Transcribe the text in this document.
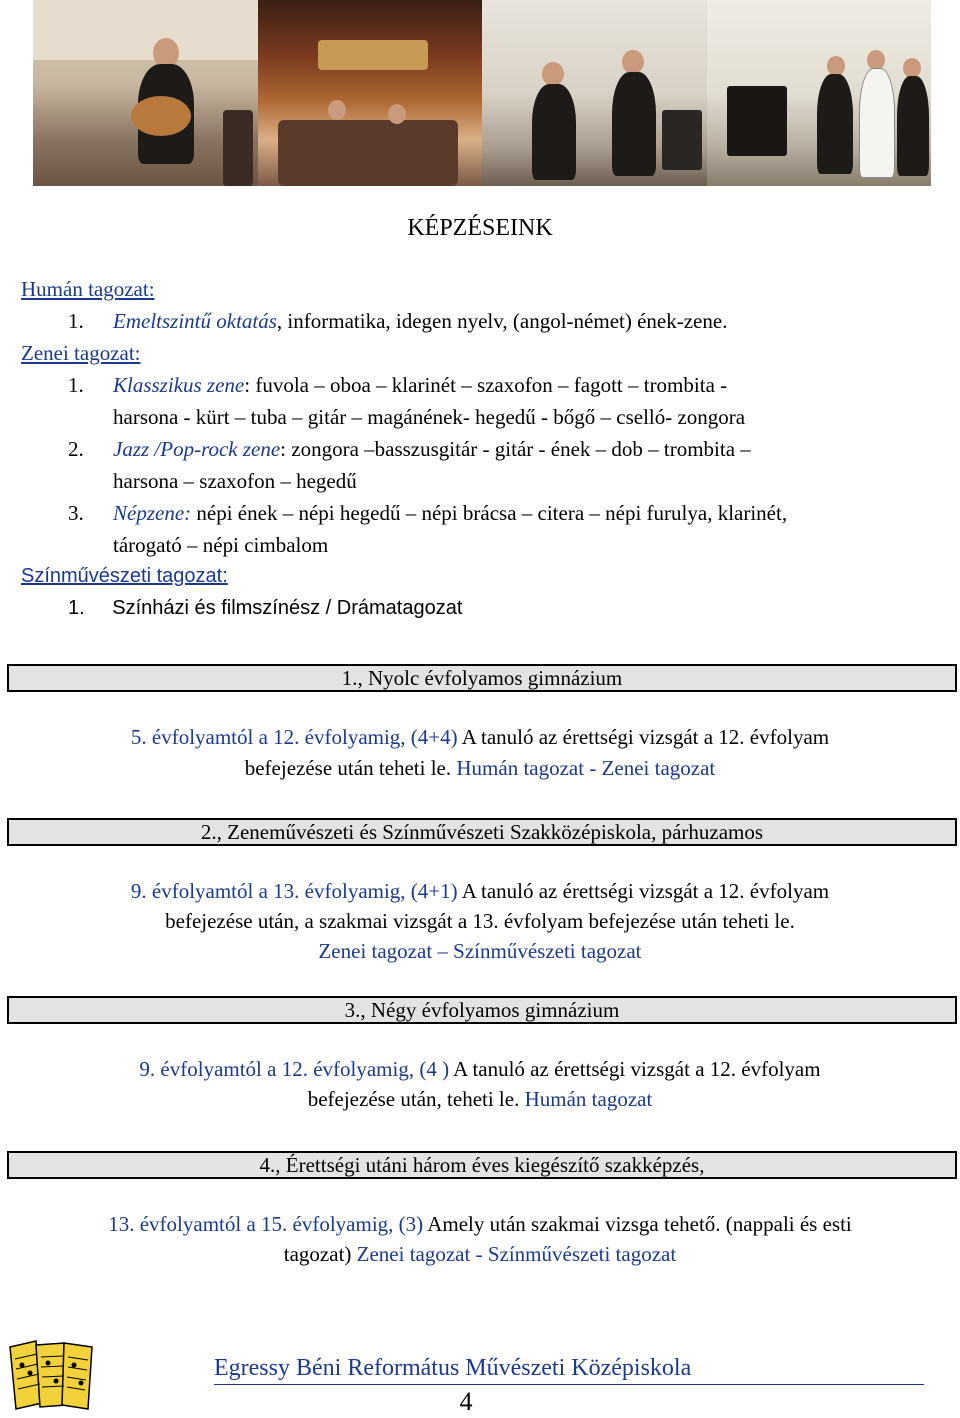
KÉPZÉSEINK
Humán tagozat:
1. Emeltszintű oktatás, informatika, idegen nyelv, (angol-német) ének-zene.
Zenei tagozat:
1. Klasszikus zene: fuvola – oboa – klarinét – szaxofon – fagott – trombita -
harsona - kürt – tuba – gitár – magánének- hegedű - bőgő – cselló- zongora
2. Jazz /Pop-rock zene: zongora –basszusgitár - gitár - ének – dob – trombita –
harsona – szaxofon – hegedű
3. Népzene: népi ének – népi hegedű – népi brácsa – citera – népi furulya, klarinét,
tárogató – népi cimbalom
Színművészeti tagozat:
1. Színházi és filmszínész / Drámatagozat
1., Nyolc évfolyamos gimnázium
5. évfolyamtól a 12. évfolyamig, (4+4) A tanuló az érettségi vizsgát a 12. évfolyam
befejezése után teheti le. Humán tagozat - Zenei tagozat
2., Zeneművészeti és Színművészeti Szakközépiskola, párhuzamos
9. évfolyamtól a 13. évfolyamig, (4+1) A tanuló az érettségi vizsgát a 12. évfolyam
befejezése után, a szakmai vizsgát a 13. évfolyam befejezése után teheti le.
Zenei tagozat – Színművészeti tagozat
3., Négy évfolyamos gimnázium
9. évfolyamtól a 12. évfolyamig, (4 ) A tanuló az érettségi vizsgát a 12. évfolyam
befejezése után, teheti le. Humán tagozat
4., Érettségi utáni három éves kiegészítő szakképzés,
13. évfolyamtól a 15. évfolyamig, (3) Amely után szakmai vizsga tehető. (nappali és esti
tagozat) Zenei tagozat - Színművészeti tagozat
Egressy Béni Református Művészeti Középiskola
4
